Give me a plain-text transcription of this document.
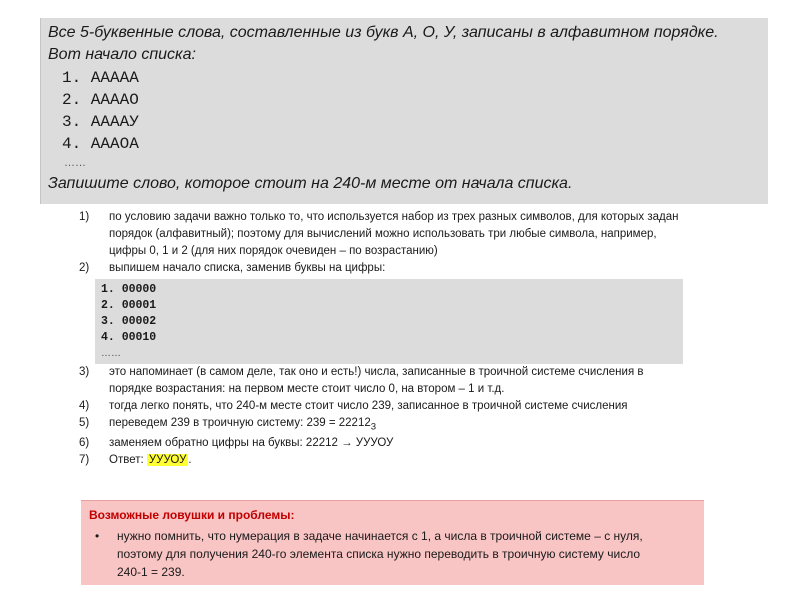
Все 5-буквенные слова, составленные из букв А, О, У, записаны в алфавитном порядке.
Вот начало списка:
1. ААААА
2. ААААО
3. ААААУ
4. АААОА
……
Запишите слово, которое стоит на 240-м месте от начала списка.
1)	по условию задачи важно только то, что используется набор из трех разных символов, для которых задан порядок (алфавитный); поэтому для вычислений можно использовать три любые символа, например, цифры 0, 1 и 2 (для них порядок очевиден – по возрастанию)
2)	выпишем начало списка, заменив буквы на цифры:
1. 00000
2. 00001
3. 00002
4. 00010
……
3)	это напоминает (в самом деле, так оно и есть!) числа, записанные в троичной системе счисления в порядке возрастания: на первом месте стоит число 0, на втором – 1 и т.д.
4)	тогда легко понять, что 240-м месте стоит число 239, записанное в троичной системе счисления
5)	переведем 239 в троичную систему: $239 = 22212_3$
6)	заменяем обратно цифры на буквы: 22212 → УУУОУ
7)	Ответ: УУУОУ .
Возможные ловушки и проблемы:
•	нужно помнить, что нумерация в задаче начинается с 1, а числа в троичной системе – с нуля, поэтому для получения 240-го элемента списка нужно переводить в троичную систему число 240-1 = 239.
